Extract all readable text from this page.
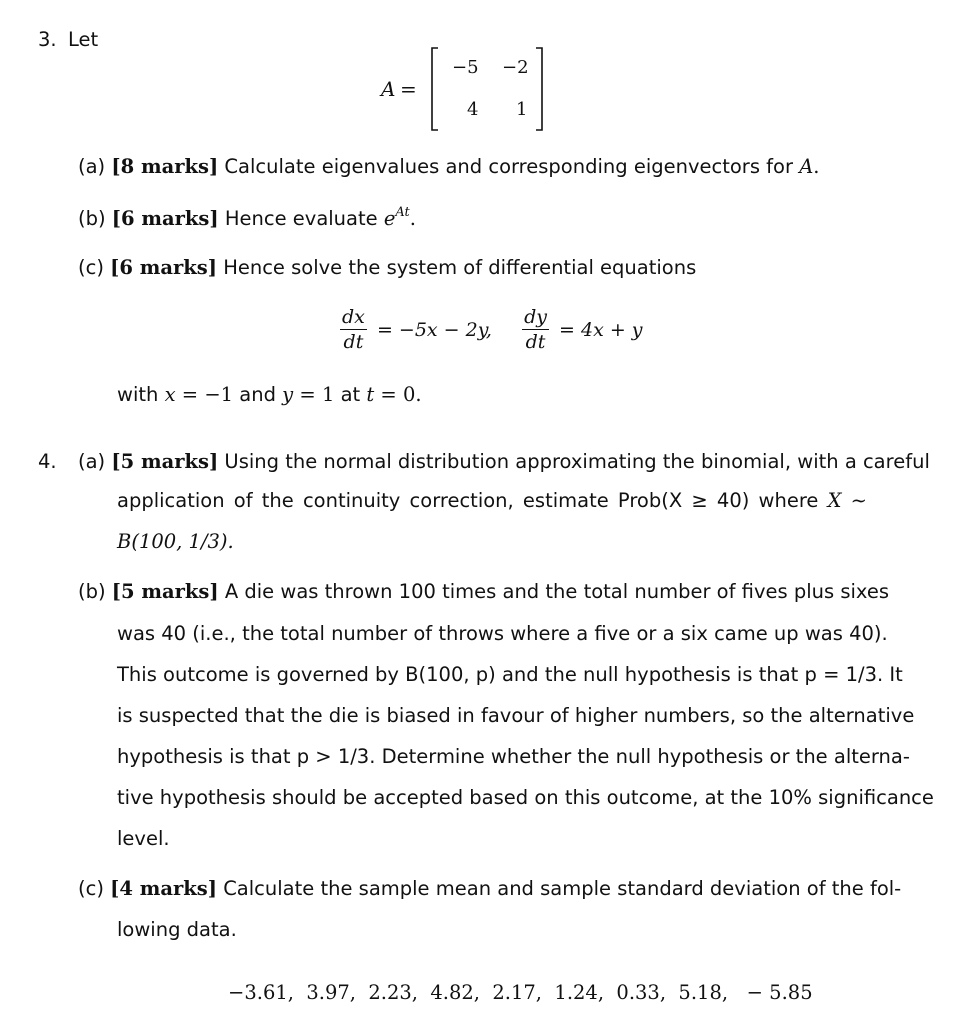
3. Let
A =
−5 −2
4 1
(a) [8 marks] Calculate eigenvalues and corresponding eigenvectors for A.
(b) [6 marks] Hence evaluate $e^{At}$.
(c) [6 marks] Hence solve the system of differential equations
$\frac{dx}{dt} = -5x - 2y$, $\frac{dy}{dt} = 4x + y$
with x = −1 and y = 1 at t = 0.
4. (a) [5 marks] Using the normal distribution approximating the binomial, with a careful
application of the continuity correction, estimate Prob(X ≥ 40) where X ∼
B(100, 1/3).
(b) [5 marks] A die was thrown 100 times and the total number of fives plus sixes
was 40 (i.e., the total number of throws where a five or a six came up was 40).
This outcome is governed by B(100, p) and the null hypothesis is that p = 1/3. It
is suspected that the die is biased in favour of higher numbers, so the alternative
hypothesis is that p > 1/3. Determine whether the null hypothesis or the alterna-
tive hypothesis should be accepted based on this outcome, at the 10% significance
level.
(c) [4 marks] Calculate the sample mean and sample standard deviation of the fol-
lowing data.
−3.61,  3.97,  2.23,  4.82,  2.17,  1.24,  0.33,  5.18,   − 5.85
